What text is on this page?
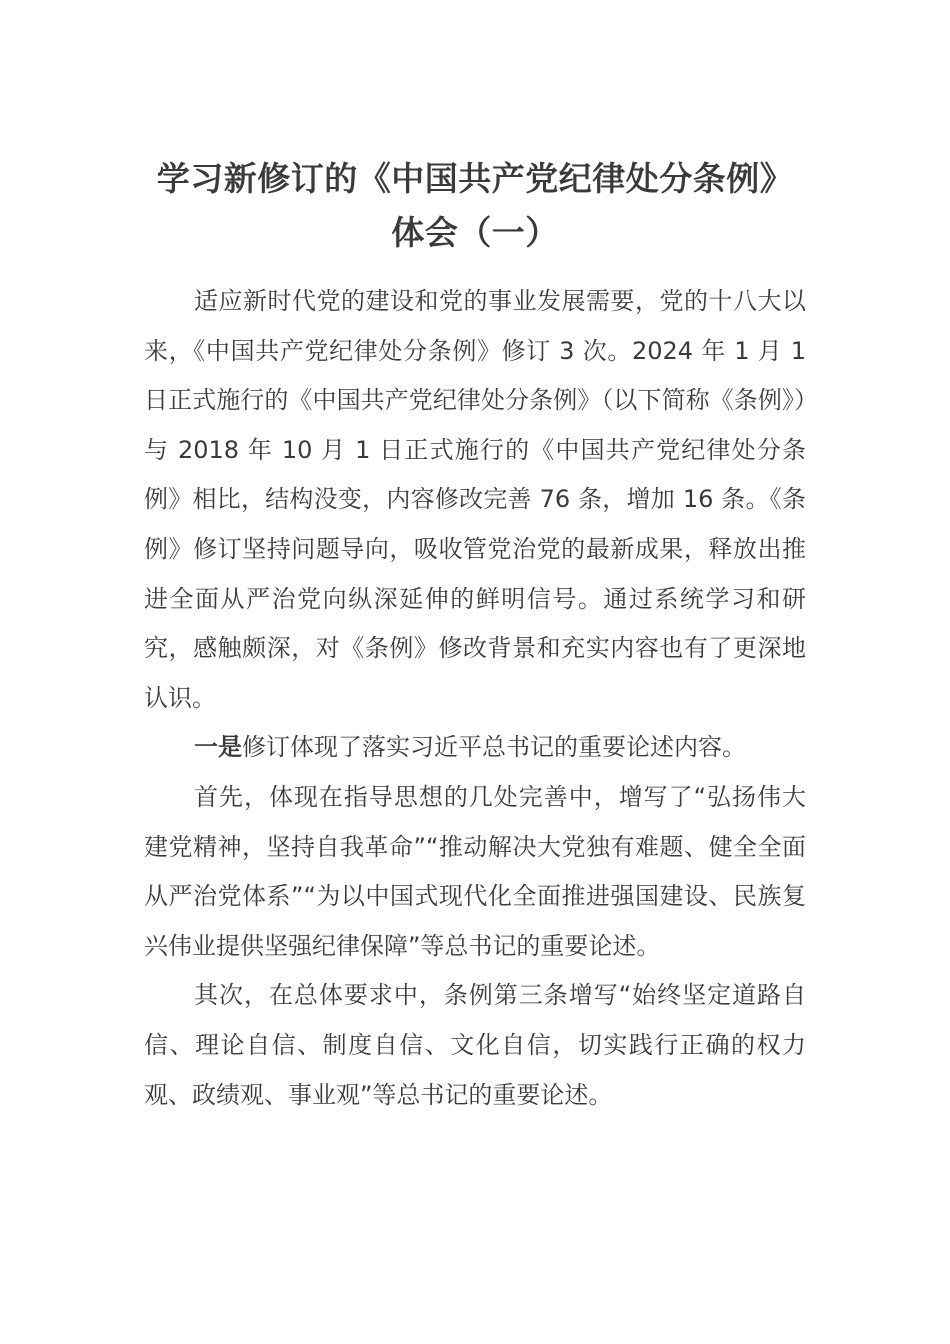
学习新修订的《中国共产党纪律处分条例》
体会（一）

适应新时代党的建设和党的事业发展需要，党的十八大以来，《中国共产党纪律处分条例》修订 3 次。2024 年 1 月 1 日正式施行的《中国共产党纪律处分条例》（以下简称《条例》）与 2018 年 10 月 1 日正式施行的《中国共产党纪律处分条例》相比，结构没变，内容修改完善 76 条，增加 16 条。《条例》修订坚持问题导向，吸收管党治党的最新成果，释放出推进全面从严治党向纵深延伸的鲜明信号。通过系统学习和研究，感触颇深，对《条例》修改背景和充实内容也有了更深地认识。

一是修订体现了落实习近平总书记的重要论述内容。

首先，体现在指导思想的几处完善中，增写了“弘扬伟大建党精神，坚持自我革命”“推动解决大党独有难题、健全全面从严治党体系”“为以中国式现代化全面推进强国建设、民族复兴伟业提供坚强纪律保障”等总书记的重要论述。

其次，在总体要求中，条例第三条增写“始终坚定道路自信、理论自信、制度自信、文化自信，切实践行正确的权力观、政绩观、事业观”等总书记的重要论述。
